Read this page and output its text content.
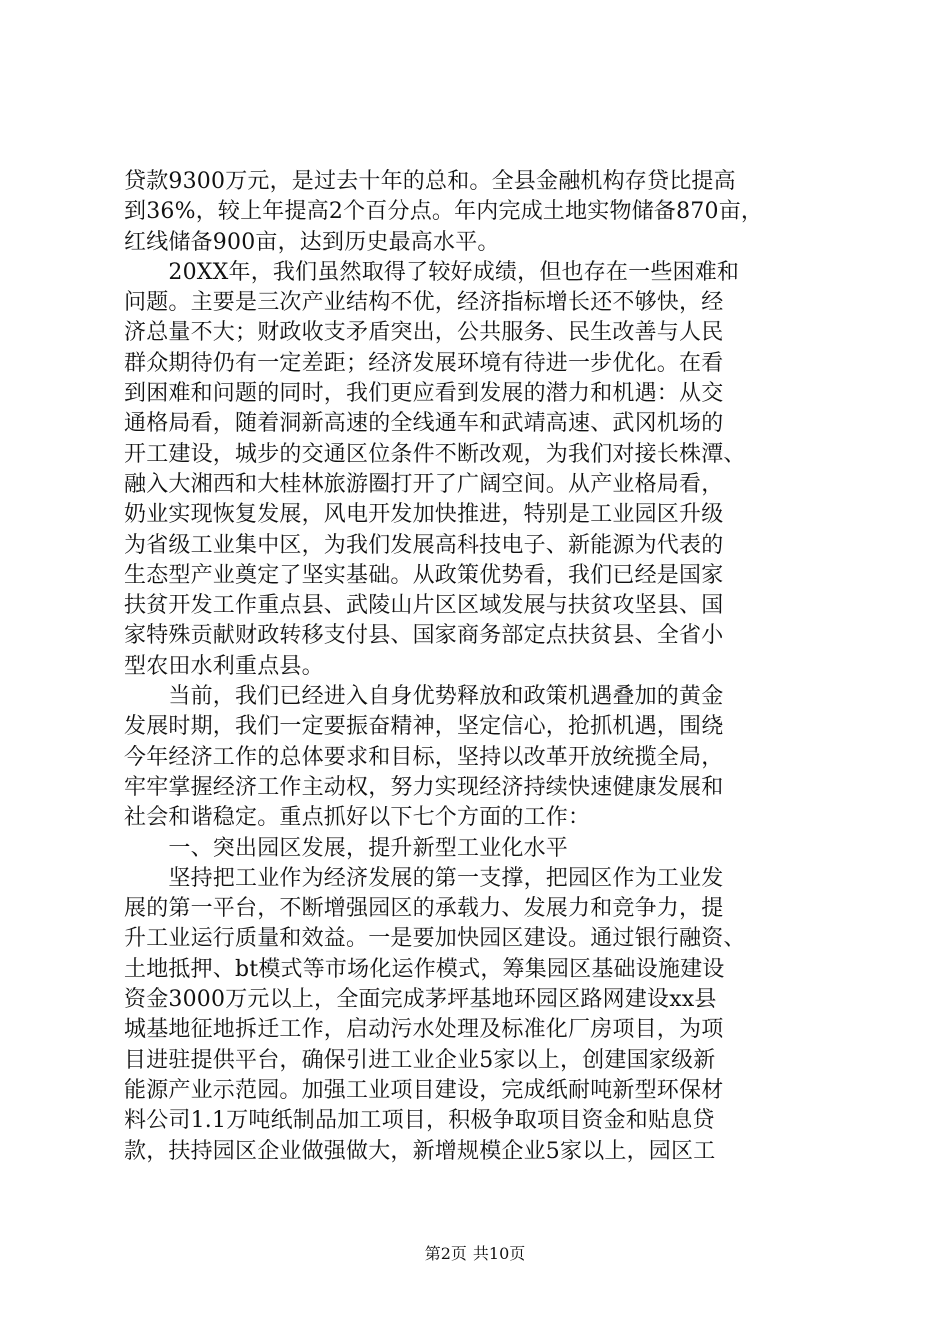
贷款9300万元，是过去十年的总和。全县金融机构存贷比提高
到36%，较上年提高2个百分点。年内完成土地实物储备870亩，
红线储备900亩，达到历史最高水平。
　　20XX年，我们虽然取得了较好成绩，但也存在一些困难和
问题。主要是三次产业结构不优，经济指标增长还不够快，经
济总量不大；财政收支矛盾突出，公共服务、民生改善与人民
群众期待仍有一定差距；经济发展环境有待进一步优化。在看
到困难和问题的同时，我们更应看到发展的潜力和机遇：从交
通格局看，随着洞新高速的全线通车和武靖高速、武冈机场的
开工建设，城步的交通区位条件不断改观，为我们对接长株潭、
融入大湘西和大桂林旅游圈打开了广阔空间。从产业格局看，
奶业实现恢复发展，风电开发加快推进，特别是工业园区升级
为省级工业集中区，为我们发展高科技电子、新能源为代表的
生态型产业奠定了坚实基础。从政策优势看，我们已经是国家
扶贫开发工作重点县、武陵山片区区域发展与扶贫攻坚县、国
家特殊贡献财政转移支付县、国家商务部定点扶贫县、全省小
型农田水利重点县。
　　当前，我们已经进入自身优势释放和政策机遇叠加的黄金
发展时期，我们一定要振奋精神，坚定信心，抢抓机遇，围绕
今年经济工作的总体要求和目标，坚持以改革开放统揽全局，
牢牢掌握经济工作主动权，努力实现经济持续快速健康发展和
社会和谐稳定。重点抓好以下七个方面的工作：
　　一、突出园区发展，提升新型工业化水平
　　坚持把工业作为经济发展的第一支撑，把园区作为工业发
展的第一平台，不断增强园区的承载力、发展力和竞争力，提
升工业运行质量和效益。一是要加快园区建设。通过银行融资、
土地抵押、bt模式等市场化运作模式，筹集园区基础设施建设
资金3000万元以上，全面完成茅坪基地环园区路网建设xx县
城基地征地拆迁工作，启动污水处理及标准化厂房项目，为项
目进驻提供平台，确保引进工业企业5家以上，创建国家级新
能源产业示范园。加强工业项目建设，完成纸耐吨新型环保材
料公司1.1万吨纸制品加工项目，积极争取项目资金和贴息贷
款，扶持园区企业做强做大，新增规模企业5家以上，园区工
第2页 共10页
